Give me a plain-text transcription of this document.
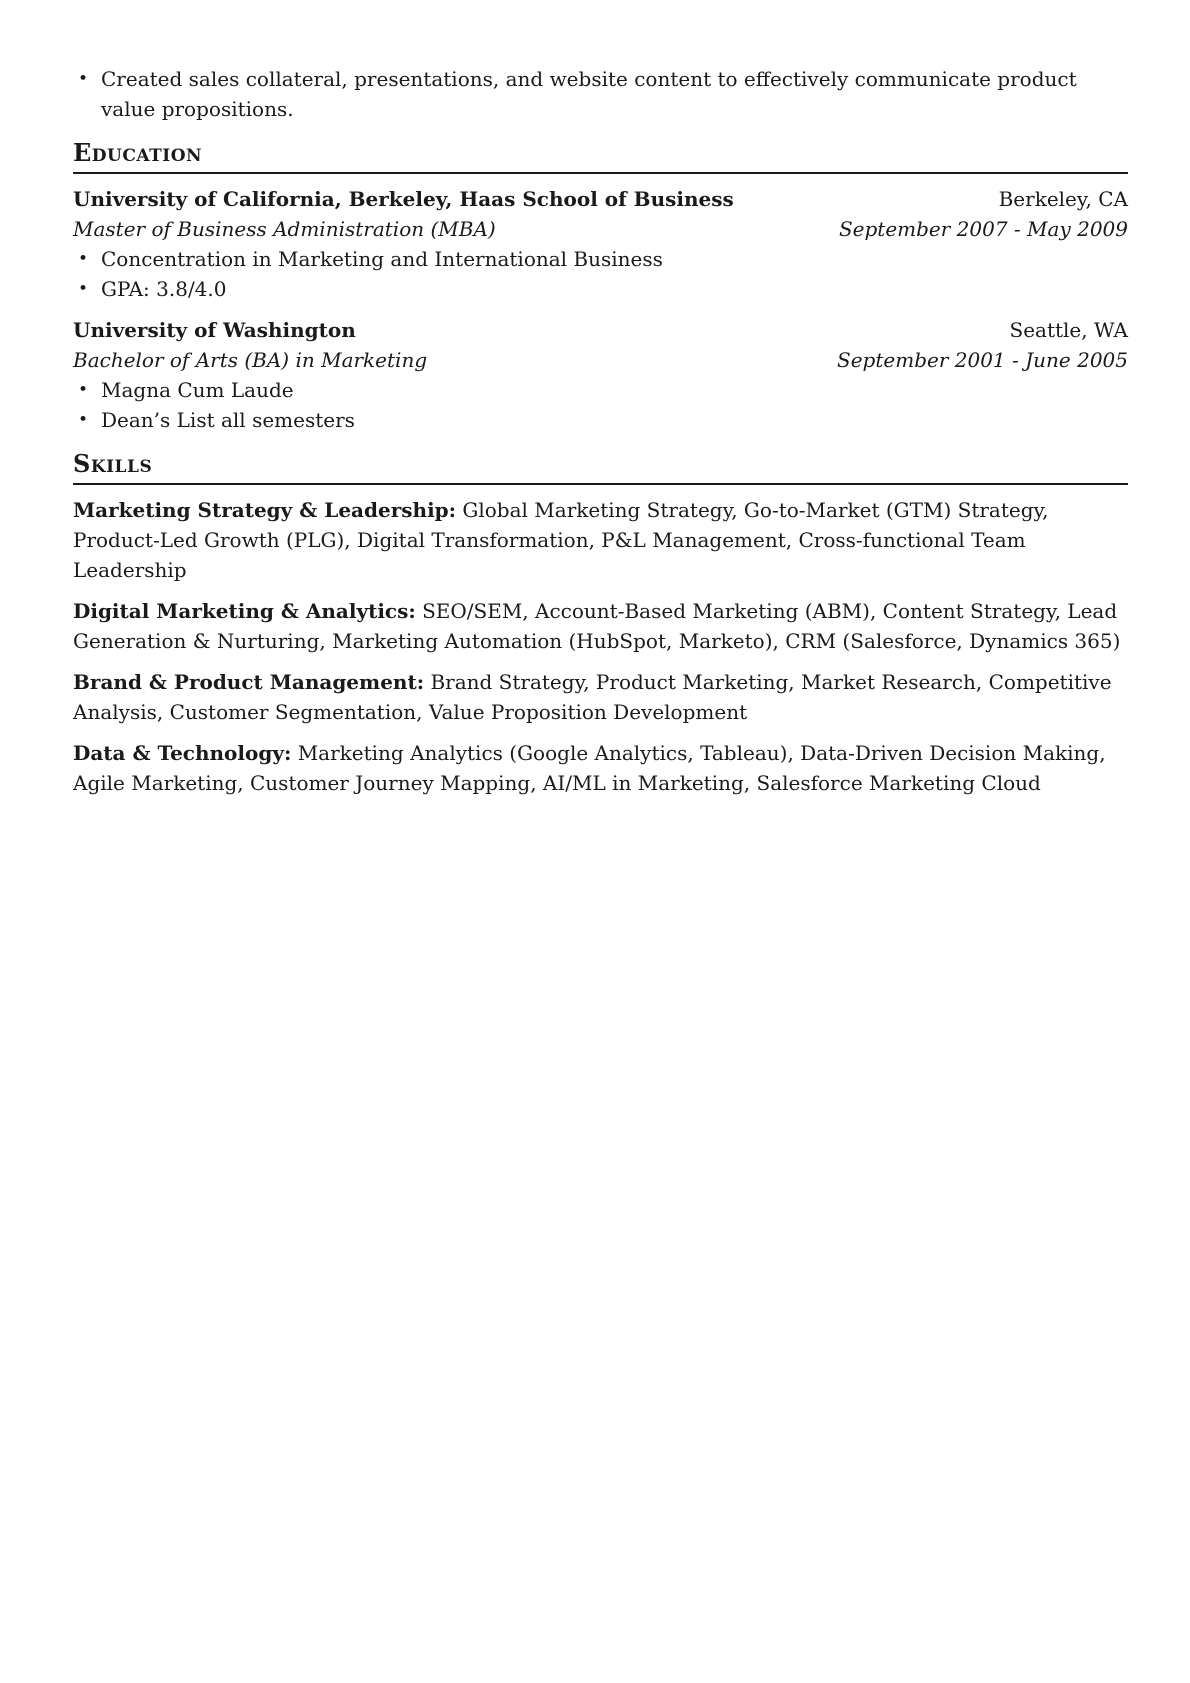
• Created sales collateral, presentations, and website content to effectively communicate product value propositions.
Education
University of California, Berkeley, Haas School of Business	Berkeley, CA
Master of Business Administration (MBA)	September 2007 - May 2009
• Concentration in Marketing and International Business
• GPA: 3.8/4.0
University of Washington	Seattle, WA
Bachelor of Arts (BA) in Marketing	September 2001 - June 2005
• Magna Cum Laude
• Dean’s List all semesters
Skills
Marketing Strategy & Leadership: Global Marketing Strategy, Go-to-Market (GTM) Strategy, Product-Led Growth (PLG), Digital Transformation, P&L Management, Cross-functional Team Leadership
Digital Marketing & Analytics: SEO/SEM, Account-Based Marketing (ABM), Content Strategy, Lead Generation & Nurturing, Marketing Automation (HubSpot, Marketo), CRM (Salesforce, Dynamics 365)
Brand & Product Management: Brand Strategy, Product Marketing, Market Research, Competitive Analysis, Customer Segmentation, Value Proposition Development
Data & Technology: Marketing Analytics (Google Analytics, Tableau), Data-Driven Decision Making, Agile Marketing, Customer Journey Mapping, AI/ML in Marketing, Salesforce Marketing Cloud
